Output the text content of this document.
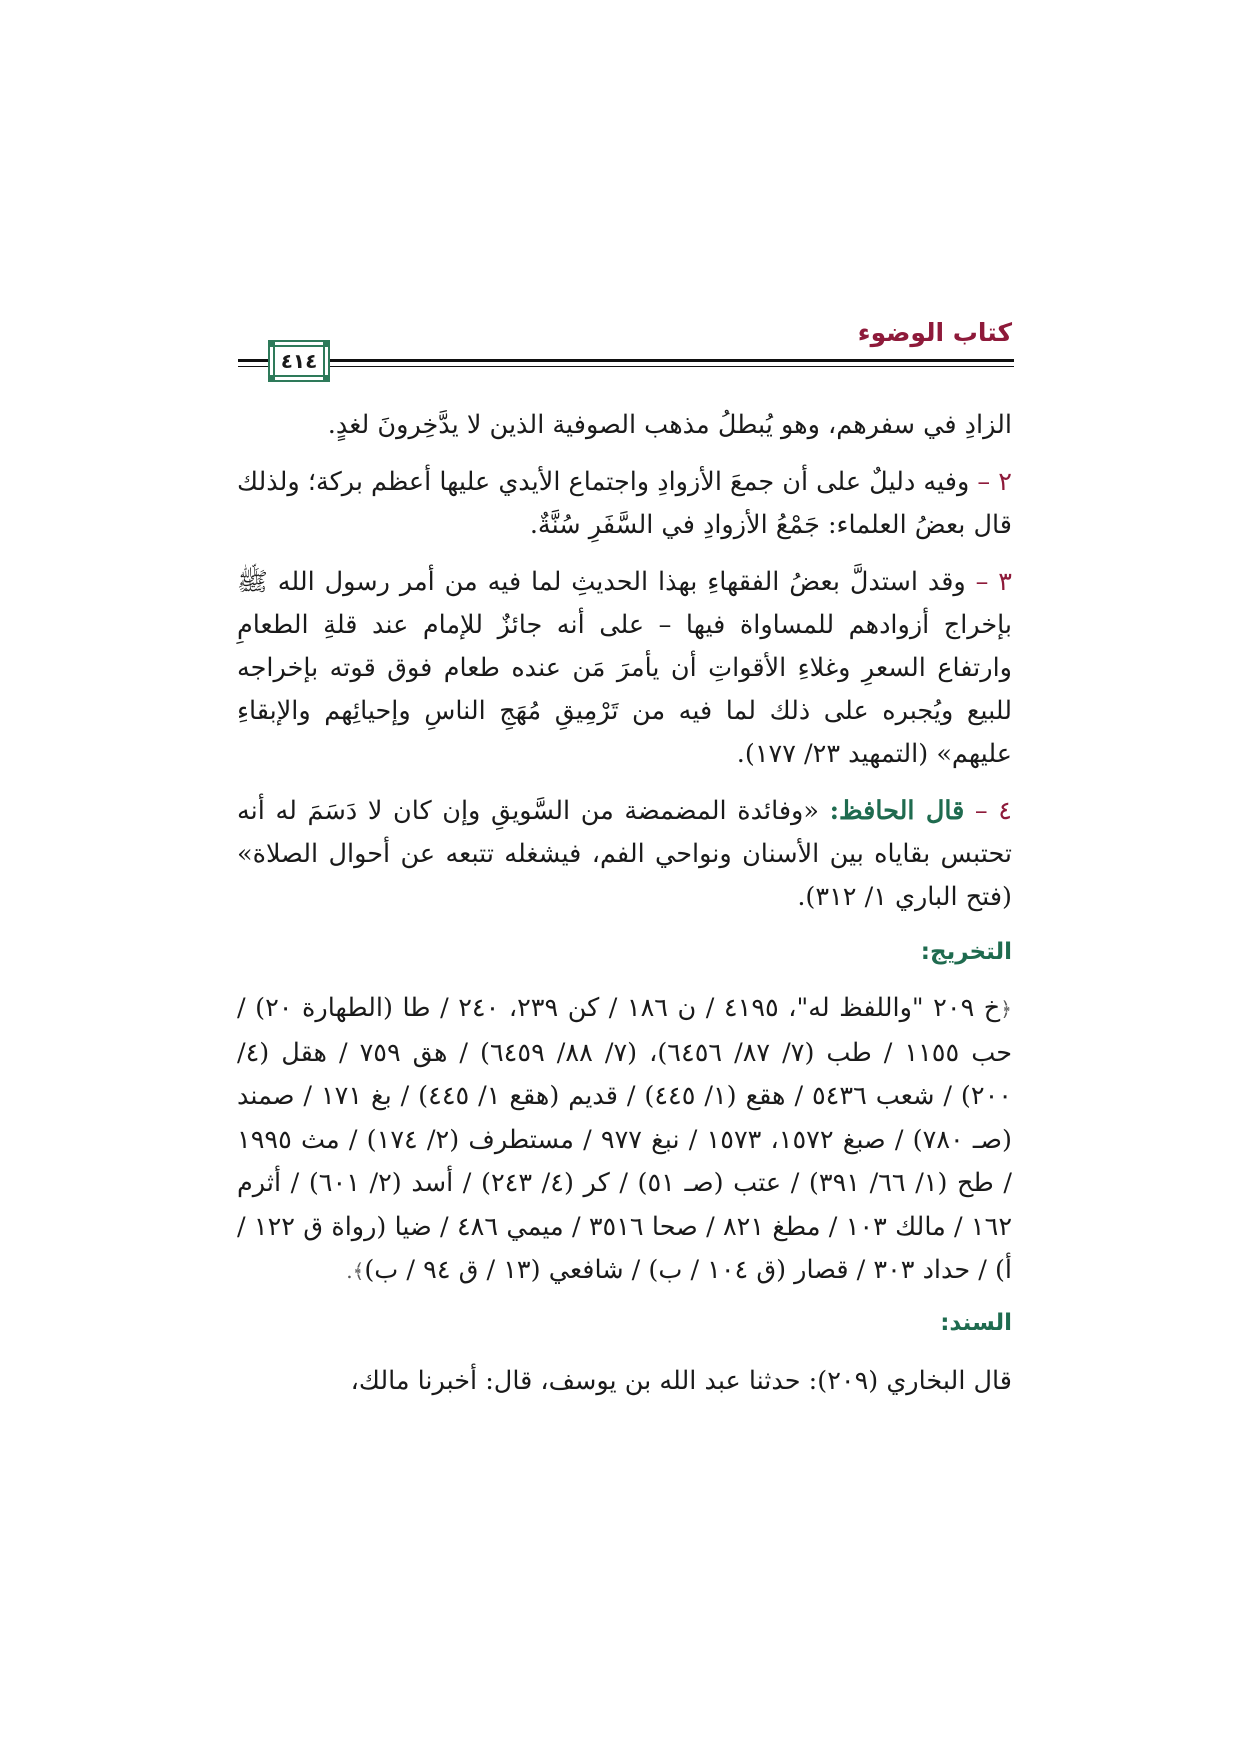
كتاب الوضوء
٤١٤

الزادِ في سفرهم، وهو يُبطلُ مذهب الصوفية الذين لا يدَّخِرونَ لغدٍ.

٢ – وفيه دليلٌ على أن جمعَ الأزوادِ واجتماع الأيدي عليها أعظم بركة؛ ولذلك قال بعضُ العلماء: جَمْعُ الأزوادِ في السَّفَرِ سُنَّةٌ.

٣ – وقد استدلَّ بعضُ الفقهاءِ بهذا الحديثِ لما فيه من أمر رسول الله ﷺ بإخراج أزوادهم للمساواة فيها – على أنه جائزٌ للإمام عند قلةِ الطعامِ وارتفاع السعرِ وغلاءِ الأقواتِ أن يأمرَ مَن عنده طعام فوق قوته بإخراجه للبيع ويُجبره على ذلك لما فيه من تَرْمِيقِ مُهَجِ الناسِ وإحيائِهم والإبقاءِ عليهم» (التمهيد ٢٣/ ١٧٧).

٤ – قال الحافظ: «وفائدة المضمضة من السَّويقِ وإن كان لا دَسَمَ له أنه تحتبس بقاياه بين الأسنان ونواحي الفم، فيشغله تتبعه عن أحوال الصلاة» (فتح الباري ١/ ٣١٢).

التخريج:

﴿خ ٢٠٩ "واللفظ له"، ٤١٩٥ / ن ١٨٦ / كن ٢٣٩، ٢٤٠ / طا (الطهارة ٢٠) / حب ١١٥٥ / طب (٧/ ٨٧/ ٦٤٥٦)، (٧/ ٨٨/ ٦٤٥٩) / هق ٧٥٩ / هقل (٤/ ٢٠٠) / شعب ٥٤٣٦ / هقع (١/ ٤٤٥) / قديم (هقع ١/ ٤٤٥) / بغ ١٧١ / صمند (صـ ٧٨٠) / صبغ ١٥٧٢، ١٥٧٣ / نبغ ٩٧٧ / مستطرف (٢/ ١٧٤) / مث ١٩٩٥ / طح (١/ ٦٦/ ٣٩١) / عتب (صـ ٥١) / كر (٤/ ٢٤٣) / أسد (٢/ ٦٠١) / أثرم ١٦٢ / مالك ١٠٣ / مطغ ٨٢١ / صحا ٣٥١٦ / ميمي ٤٨٦ / ضيا (رواة ق ١٢٢ / أ) / حداد ٣٠٣ / قصار (ق ١٠٤ / ب) / شافعي (١٣ / ق ٩٤ / ب)﴾.

السند:

قال البخاري (٢٠٩): حدثنا عبد الله بن يوسف، قال: أخبرنا مالك،
